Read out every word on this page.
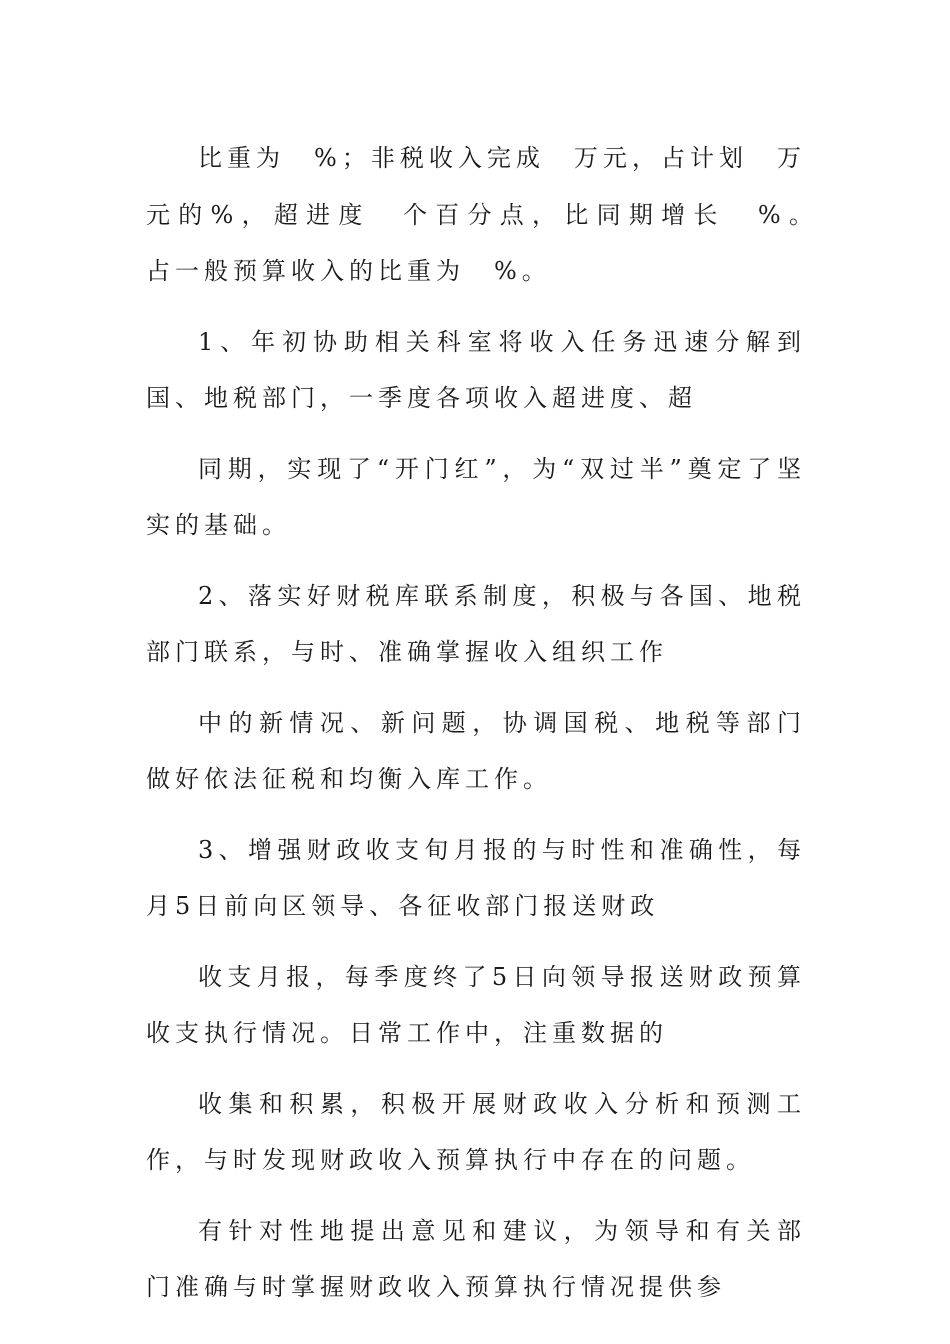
比重为　%；非税收入完成　万元，占计划　万元的%，超进度　个百分点，比同期增长　%。　　占一般预算收入的比重为　%。

1、年初协助相关科室将收入任务迅速分解到国、地税部门，一季度各项收入超进度、超

同期，实现了“开门红”，为“双过半”奠定了坚实的基础。

2、落实好财税库联系制度，积极与各国、地税部门联系，与时、准确掌握收入组织工作

中的新情况、新问题，协调国税、地税等部门做好依法征税和均衡入库工作。

3、增强财政收支旬月报的与时性和准确性，每月5日前向区领导、各征收部门报送财政

收支月报，每季度终了5日向领导报送财政预算收支执行情况。日常工作中，注重数据的

收集和积累，积极开展财政收入分析和预测工作，与时发现财政收入预算执行中存在的问题。

有针对性地提出意见和建议，为领导和有关部门准确与时掌握财政收入预算执行情况提供参
